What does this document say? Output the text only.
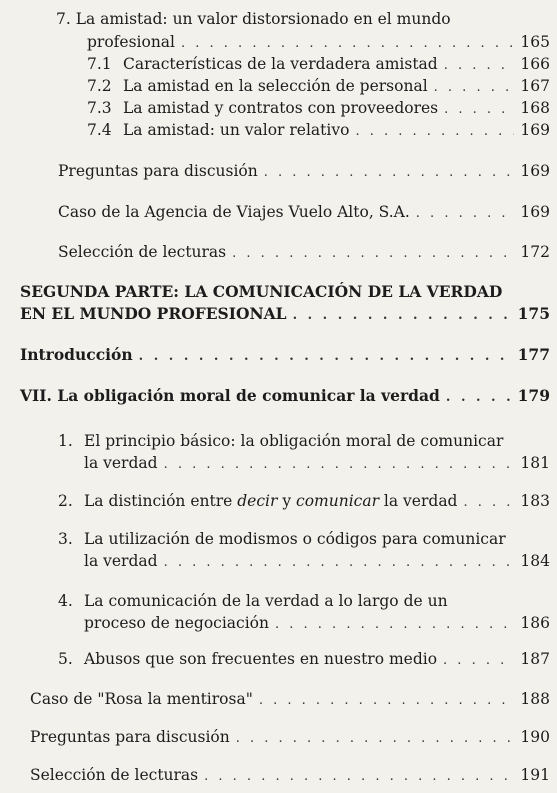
7. La amistad: un valor distorsionado en el mundo
profesional . . .	165
7.1 Características de la verdadera amistad . . .	166
7.2 La amistad en la selección de personal . . .	167
7.3 La amistad y contratos con proveedores . . .	168
7.4 La amistad: un valor relativo . . .	169
Preguntas para discusión . . .	169
Caso de la Agencia de Viajes Vuelo Alto, S.A. . . .	169
Selección de lecturas . . .	172
SEGUNDA PARTE: LA COMUNICACIÓN DE LA VERDAD
EN EL MUNDO PROFESIONAL . . .	175
Introducción . . .	177
VII. La obligación moral de comunicar la verdad . . .	179
1. El principio básico: la obligación moral de comunicar
la verdad . . .	181
2. La distinción entre decir y comunicar la verdad . . .	183
3. La utilización de modismos o códigos para comunicar
la verdad . . .	184
4. La comunicación de la verdad a lo largo de un
proceso de negociación . . .	186
5. Abusos que son frecuentes en nuestro medio . . .	187
Caso de "Rosa la mentirosa" . . .	188
Preguntas para discusión . . .	190
Selección de lecturas . . .	191
